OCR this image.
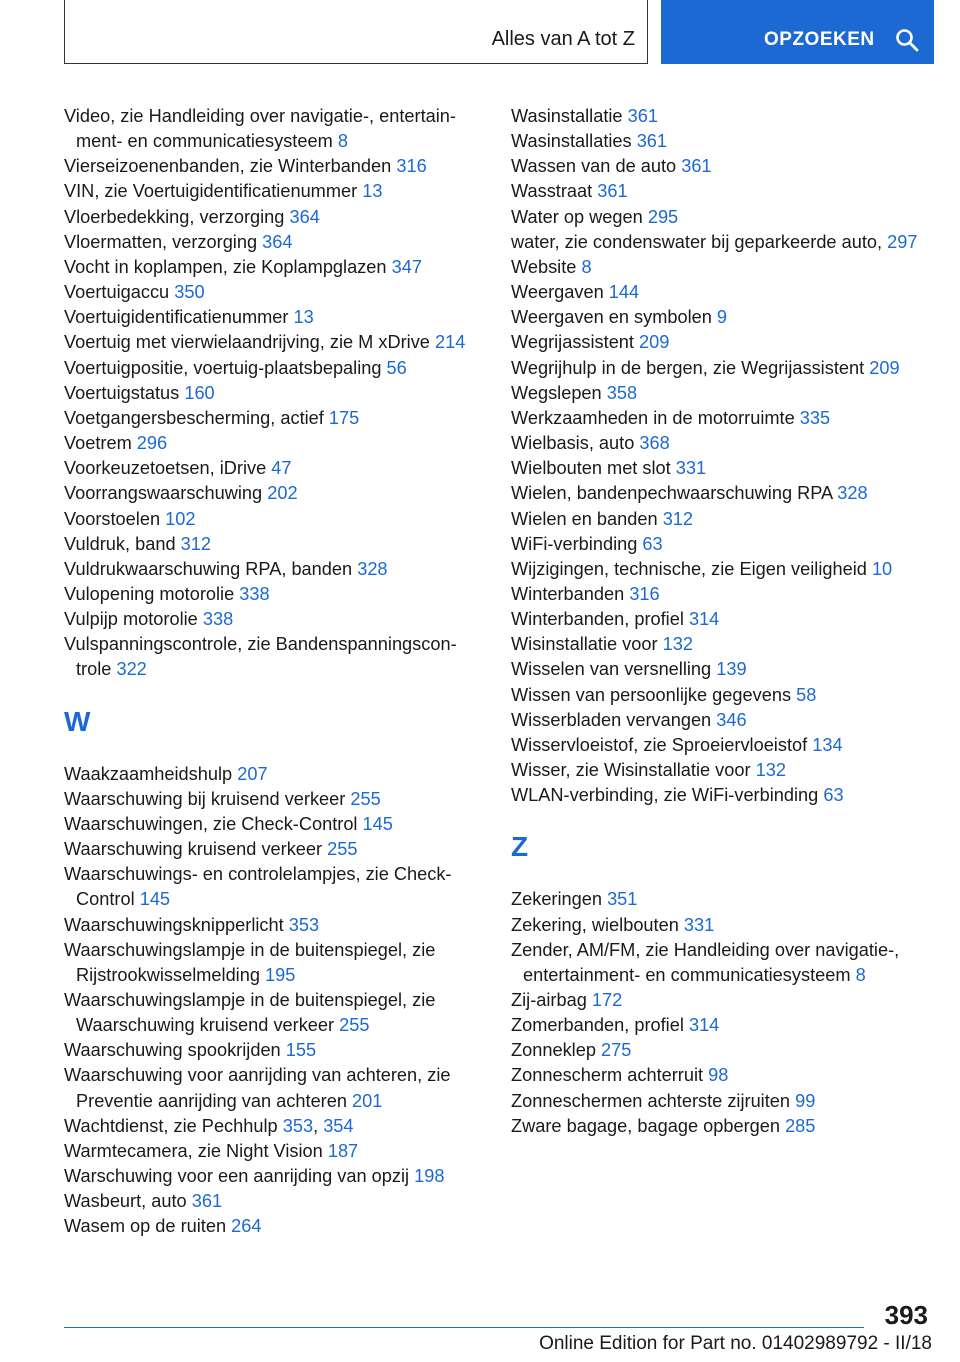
Alles van A tot Z	OPZOEKEN
Video, zie Handleiding over navigatie-, entertainment- en communicatiesysteem 8
Vierseizoenenbanden, zie Winterbanden 316
VIN, zie Voertuigidentificatienummer 13
Vloerbedekking, verzorging 364
Vloermatten, verzorging 364
Vocht in koplampen, zie Koplampglazen 347
Voertuigaccu 350
Voertuigidentificatienummer 13
Voertuig met vierwielaandrijving, zie M xDrive 214
Voertuigpositie, voertuig-plaatsbepaling 56
Voertuigstatus 160
Voetgangersbescherming, actief 175
Voetrem 296
Voorkeuzetoetsen, iDrive 47
Voorrangswaarschuwing 202
Voorstoelen 102
Vuldruk, band 312
Vuldrukwaarschuwing RPA, banden 328
Vulopening motorolie 338
Vulpijp motorolie 338
Vulspanningscontrole, zie Bandenspanningscontrole 322
W
Waakzaamheidshulp 207
Waarschuwing bij kruisend verkeer 255
Waarschuwingen, zie Check-Control 145
Waarschuwing kruisend verkeer 255
Waarschuwings- en controlelampjes, zie Check-Control 145
Waarschuwingsknipperlicht 353
Waarschuwingslampje in de buitenspiegel, zie Rijstrookwisselmelding 195
Waarschuwingslampje in de buitenspiegel, zie Waarschuwing kruisend verkeer 255
Waarschuwing spookrijden 155
Waarschuwing voor aanrijding van achteren, zie Preventie aanrijding van achteren 201
Wachtdienst, zie Pechhulp 353, 354
Warmtecamera, zie Night Vision 187
Warschuwing voor een aanrijding van opzij 198
Wasbeurt, auto 361
Wasem op de ruiten 264
Wasinstallatie 361
Wasinstallaties 361
Wassen van de auto 361
Wasstraat 361
Water op wegen 295
water, zie condenswater bij geparkeerde auto, 297
Website 8
Weergaven 144
Weergaven en symbolen 9
Wegrijassistent 209
Wegrijhulp in de bergen, zie Wegrijassistent 209
Wegslepen 358
Werkzaamheden in de motorruimte 335
Wielbasis, auto 368
Wielbouten met slot 331
Wielen, bandenpechwaarschuwing RPA 328
Wielen en banden 312
WiFi-verbinding 63
Wijzigingen, technische, zie Eigen veiligheid 10
Winterbanden 316
Winterbanden, profiel 314
Wisinstallatie voor 132
Wisselen van versnelling 139
Wissen van persoonlijke gegevens 58
Wisserbladen vervangen 346
Wisservloeistof, zie Sproeiervloeistof 134
Wisser, zie Wisinstallatie voor 132
WLAN-verbinding, zie WiFi-verbinding 63
Z
Zekeringen 351
Zekering, wielbouten 331
Zender, AM/FM, zie Handleiding over navigatie-, entertainment- en communicatiesysteem 8
Zij-airbag 172
Zomerbanden, profiel 314
Zonneklep 275
Zonnescherm achterruit 98
Zonneschermen achterste zijruiten 99
Zware bagage, bagage opbergen 285
393
Online Edition for Part no. 01402989792 - II/18
